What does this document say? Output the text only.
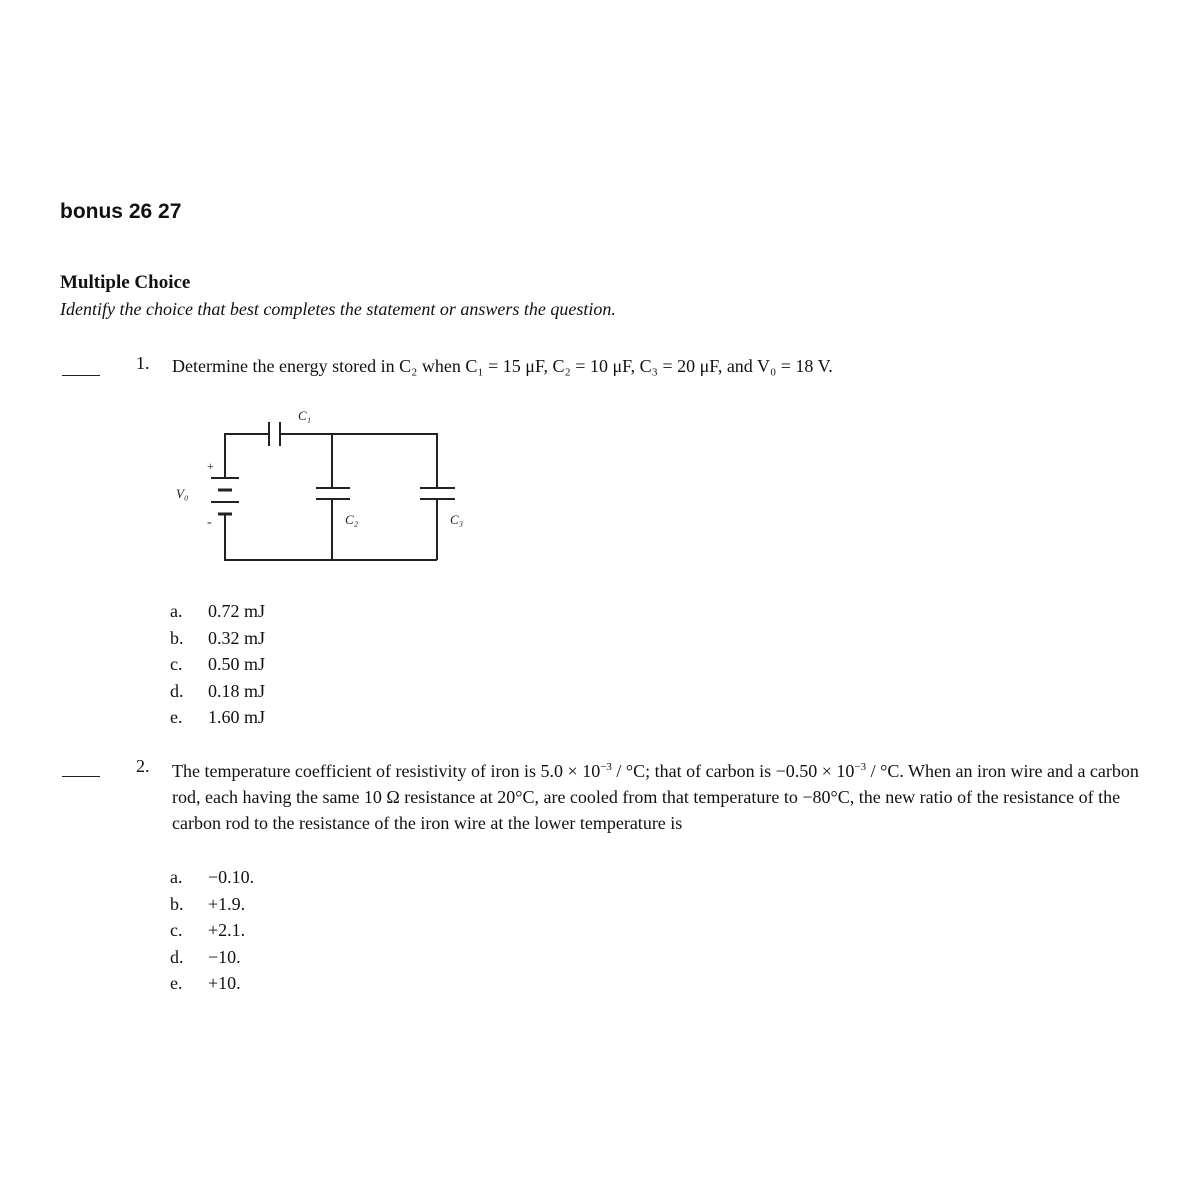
bonus 26 27
Multiple Choice
Identify the choice that best completes the statement or answers the question.
1. Determine the energy stored in C₂ when C₁ = 15 μF, C₂ = 10 μF, C₃ = 20 μF, and V₀ = 18 V.
C₁
C₂	C₃
V₀
+
-
a.	0.72 mJ
b.	0.32 mJ
c.	0.50 mJ
d.	0.18 mJ
e.	1.60 mJ
2. The temperature coefficient of resistivity of iron is $5.0 \times 10^{-3} / ^\circ C$; that of carbon is $-0.50 \times 10^{-3} / ^\circ C$. When an iron wire and a carbon rod, each having the same 10 Ω resistance at 20°C, are cooled from that temperature to −80°C, the new ratio of the resistance of the carbon rod to the resistance of the iron wire at the lower temperature is
a.	−0.10.
b.	+1.9.
c.	+2.1.
d.	−10.
e.	+10.
